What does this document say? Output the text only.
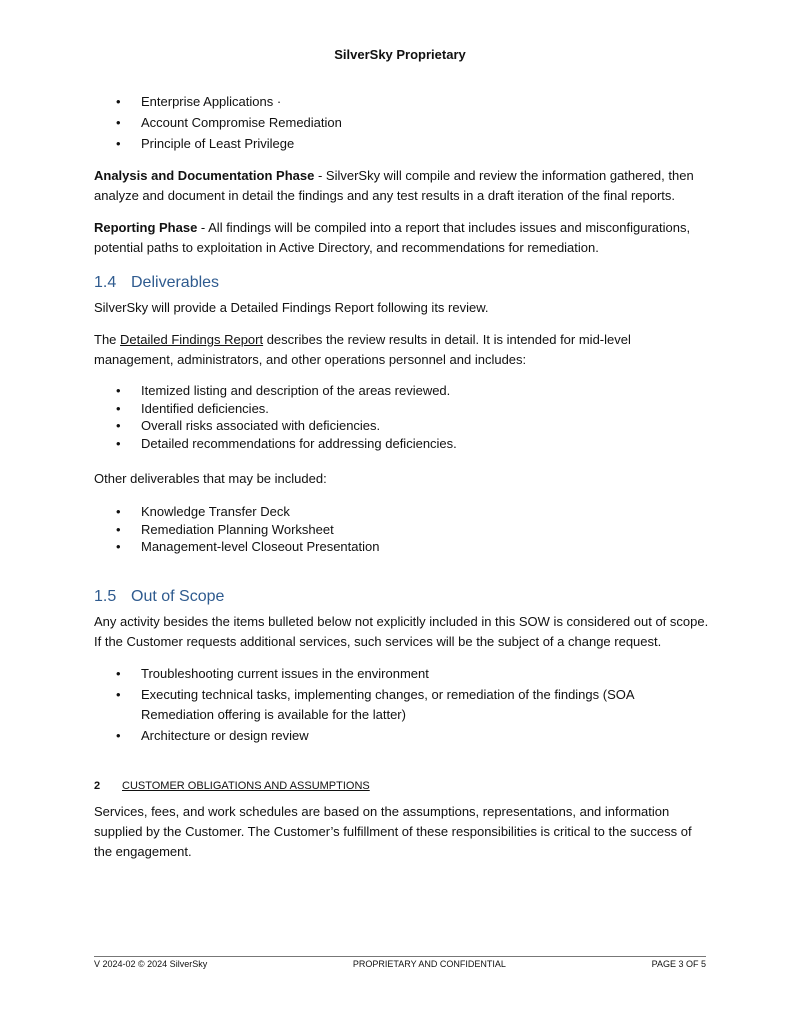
SilverSky Proprietary
• Enterprise Applications ·
• Account Compromise Remediation
• Principle of Least Privilege

Analysis and Documentation Phase - SilverSky will compile and review the information gathered, then analyze and document in detail the findings and any test results in a draft iteration of the final reports.

Reporting Phase - All findings will be compiled into a report that includes issues and misconfigurations, potential paths to exploitation in Active Directory, and recommendations for remediation.

1.4 Deliverables

SilverSky will provide a Detailed Findings Report following its review.

The Detailed Findings Report describes the review results in detail. It is intended for mid-level management, administrators, and other operations personnel and includes:

• Itemized listing and description of the areas reviewed.
• Identified deficiencies.
• Overall risks associated with deficiencies.
• Detailed recommendations for addressing deficiencies.

Other deliverables that may be included:

• Knowledge Transfer Deck
• Remediation Planning Worksheet
• Management-level Closeout Presentation
1.5 Out of Scope

Any activity besides the items bulleted below not explicitly included in this SOW is considered out of scope. If the Customer requests additional services, such services will be the subject of a change request.

• Troubleshooting current issues in the environment
• Executing technical tasks, implementing changes, or remediation of the findings (SOA Remediation offering is available for the latter)
• Architecture or design review
2	CUSTOMER OBLIGATIONS AND ASSUMPTIONS

Services, fees, and work schedules are based on the assumptions, representations, and information supplied by the Customer. The Customer’s fulfillment of these responsibilities is critical to the success of the engagement.

V 2024-02 © 2024 SilverSky	PROPRIETARY AND CONFIDENTIAL	PAGE 3 OF 5
